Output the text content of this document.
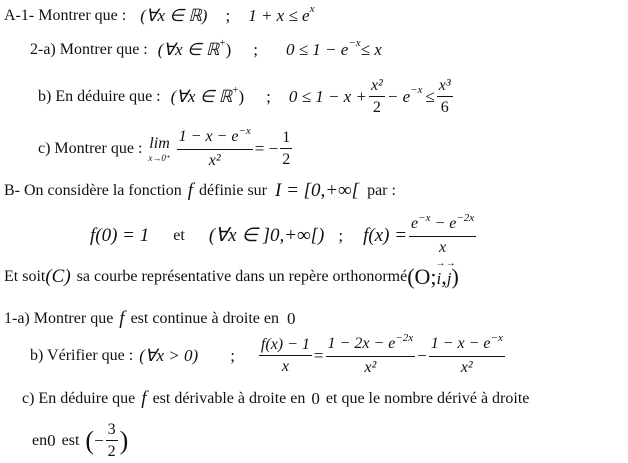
A-1- Montrer que : (∀x ∈ ℝ) ; 1 + x ≤ e x
2-a) Montrer que : (∀x ∈ ℝ + ) ; 0 ≤ 1 − e −x ≤ x
b) En déduire que : (∀x ∈ ℝ + ) ; $0 \le 1 - x + \frac{\text{x²}}{2} - e -x \le \frac{\text{x³}}{6}$
c) Montrer que : lim
$x\to 0^+ \frac{1 - x - e^{-x}}{\text{x²}}$ = − $\frac{1}{2}$
B- On considère la fonction f définie sur I = [0,+∞[ par :
f(0) = 1 et (∀x ∈ ]0,+∞[) ; $f(x) = \frac{e^{-x} - e^{-2x}}{x}$
Et soit (C) sa courbe représentative dans un repère orthonormé (O;→ i,→ j)
1-a) Montrer que f est continue à droite en 0
b) Vérifier que : (∀x > 0) ; $\frac{f(x) - 1}{x} = \frac{1 - 2x - e^{-2x}}{\text{x²}} - \frac{1 - x - e^{-x}}{\text{x²}}$
c) En déduire que f est dérivable à droite en 0 et que le nombre dérivé à droite
en 0 est ( − $\frac{3}{2}$ )
